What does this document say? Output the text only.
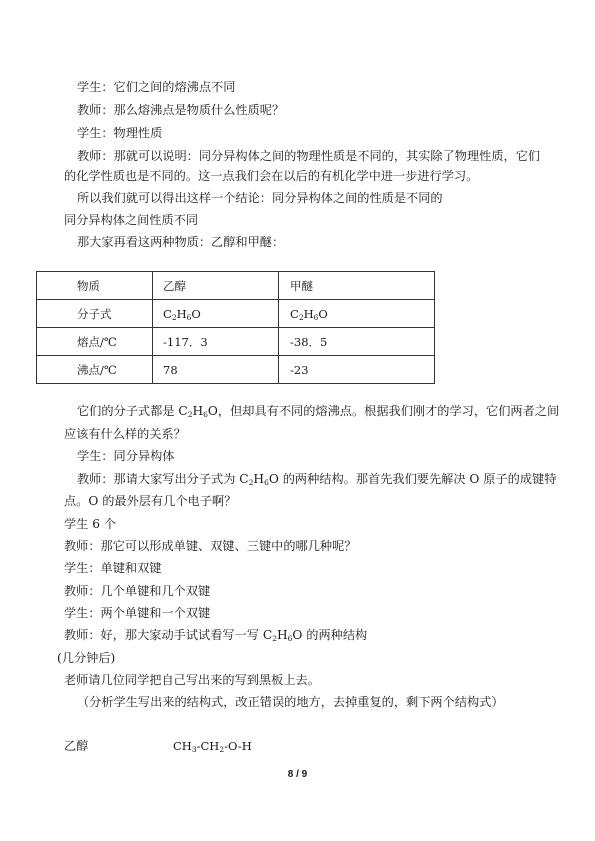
学生：它们之间的熔沸点不同
教师：那么熔沸点是物质什么性质呢？
学生：物理性质
教师：那就可以说明：同分异构体之间的物理性质是不同的，其实除了物理性质，它们
的化学性质也是不同的。这一点我们会在以后的有机化学中进一步进行学习。
所以我们就可以得出这样一个结论：同分异构体之间的性质是不同的
同分异构体之间性质不同
那大家再看这两种物质：乙醇和甲醚：
物质	乙醇	甲醚
分子式	$C_2H_6O$	$C_2H_6O$
熔点/℃	-117．3	-38．5
沸点/℃	78	-23
它们的分子式都是 $C_2H_6O$，但却具有不同的熔沸点。根据我们刚才的学习，它们两者之间
应该有什么样的关系？
学生：同分异构体
教师：那请大家写出分子式为 $C_2H_6O$ 的两种结构。那首先我们要先解决 O 原子的成键特
点。O 的最外层有几个电子啊？
学生 6 个
教师：那它可以形成单键、双键、三键中的哪几种呢？
学生：单键和双键
教师：几个单键和几个双键
学生：两个单键和一个双键
教师：好，那大家动手试试看写一写 $C_2H_6O$ 的两种结构
(几分钟后)
老师请几位同学把自己写出来的写到黑板上去。
（分析学生写出来的结构式，改正错误的地方，去掉重复的，剩下两个结构式）
乙醇	$CH_3-CH_2-O-H$
8 / 9
